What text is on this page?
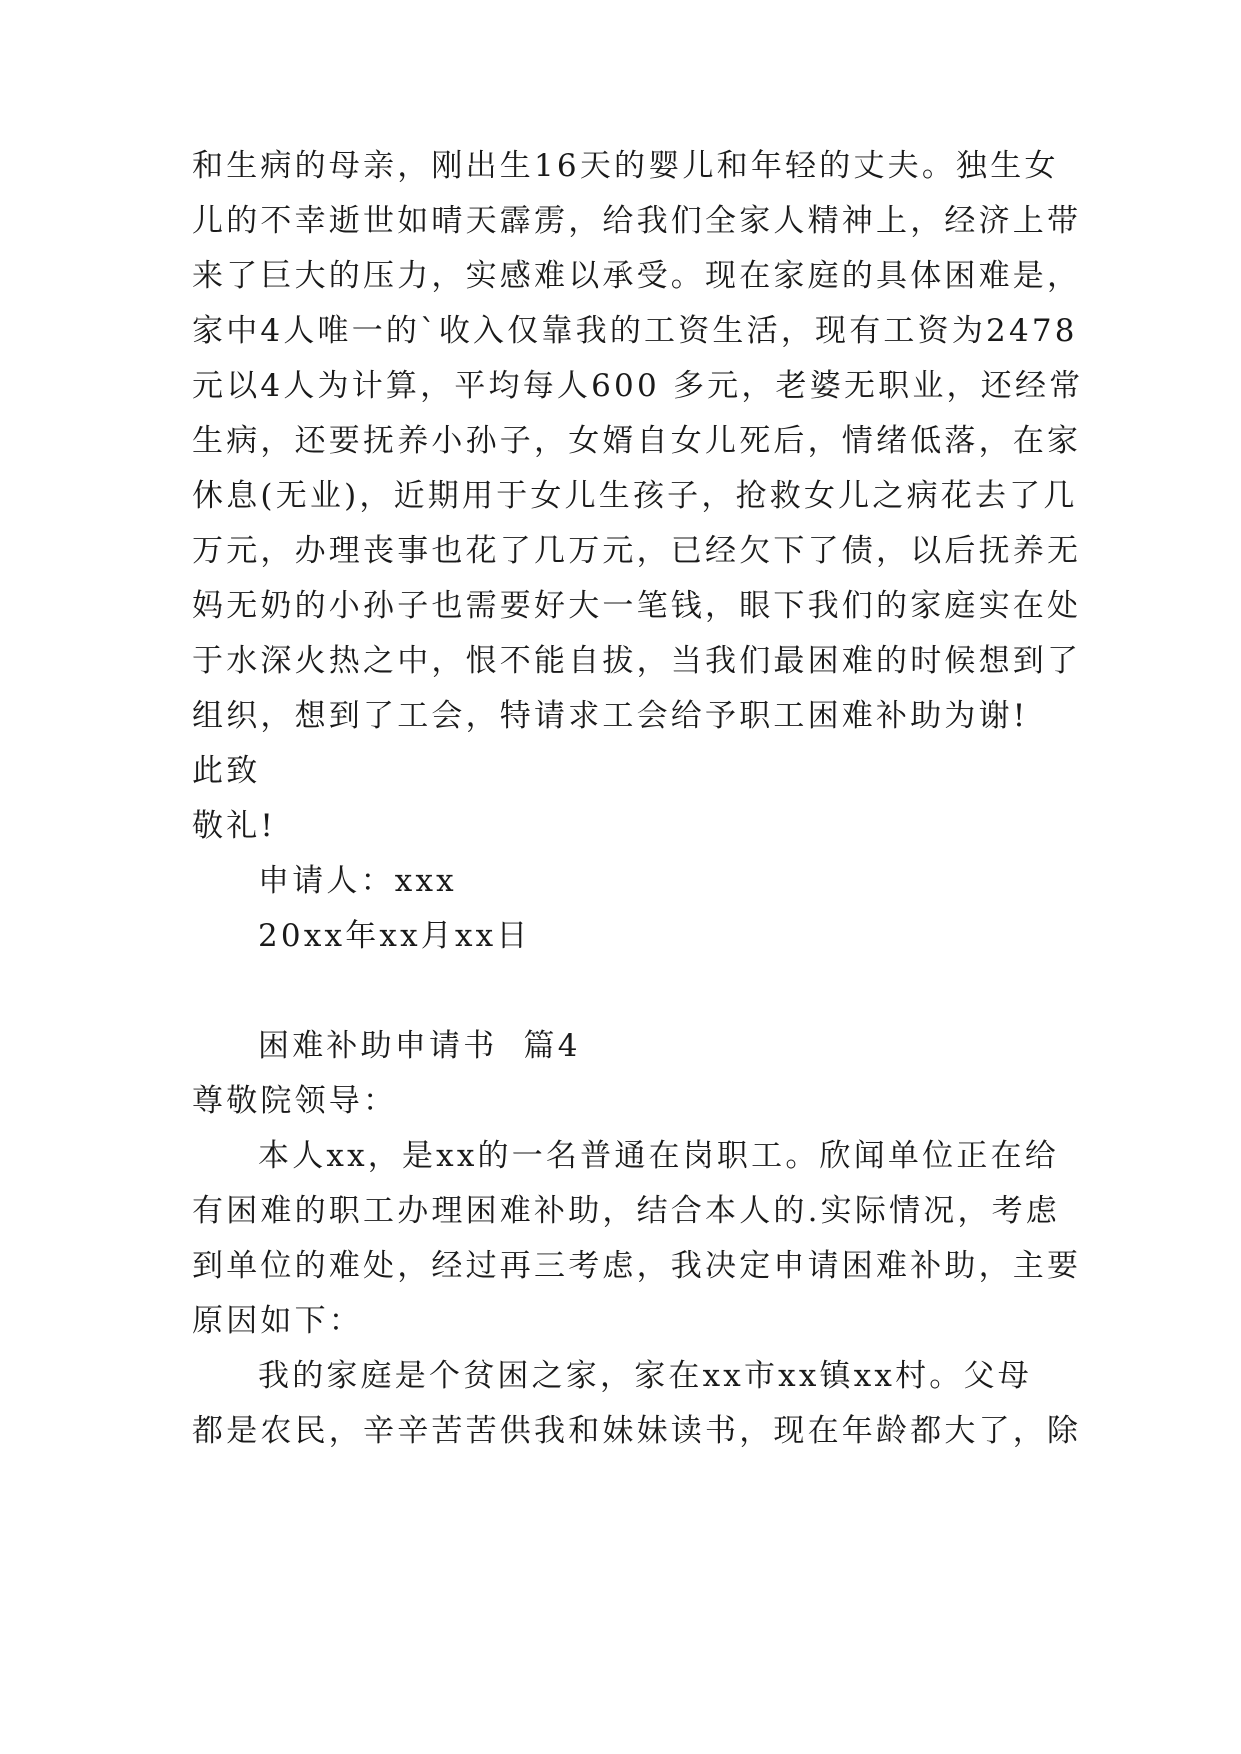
和生病的母亲，刚出生16天的婴儿和年轻的丈夫。独生女
儿的不幸逝世如晴天霹雳，给我们全家人精神上，经济上带
来了巨大的压力，实感难以承受。现在家庭的具体困难是，
家中4人唯一的`收入仅靠我的工资生活，现有工资为2478
元以4人为计算，平均每人600 多元，老婆无职业，还经常
生病，还要抚养小孙子，女婿自女儿死后，情绪低落，在家
休息(无业)，近期用于女儿生孩子，抢救女儿之病花去了几
万元，办理丧事也花了几万元，已经欠下了债，以后抚养无
妈无奶的小孙子也需要好大一笔钱，眼下我们的家庭实在处
于水深火热之中，恨不能自拔，当我们最困难的时候想到了
组织，想到了工会，特请求工会给予职工困难补助为谢!
此致
敬礼!
申请人：xxx
20xx年xx月xx日
困难补助申请书  篇4
尊敬院领导：
本人xx，是xx的一名普通在岗职工。欣闻单位正在给
有困难的职工办理困难补助，结合本人的.实际情况，考虑
到单位的难处，经过再三考虑，我决定申请困难补助，主要
原因如下：
我的家庭是个贫困之家，家在xx市xx镇xx村。父母
都是农民，辛辛苦苦供我和妹妹读书，现在年龄都大了，除
